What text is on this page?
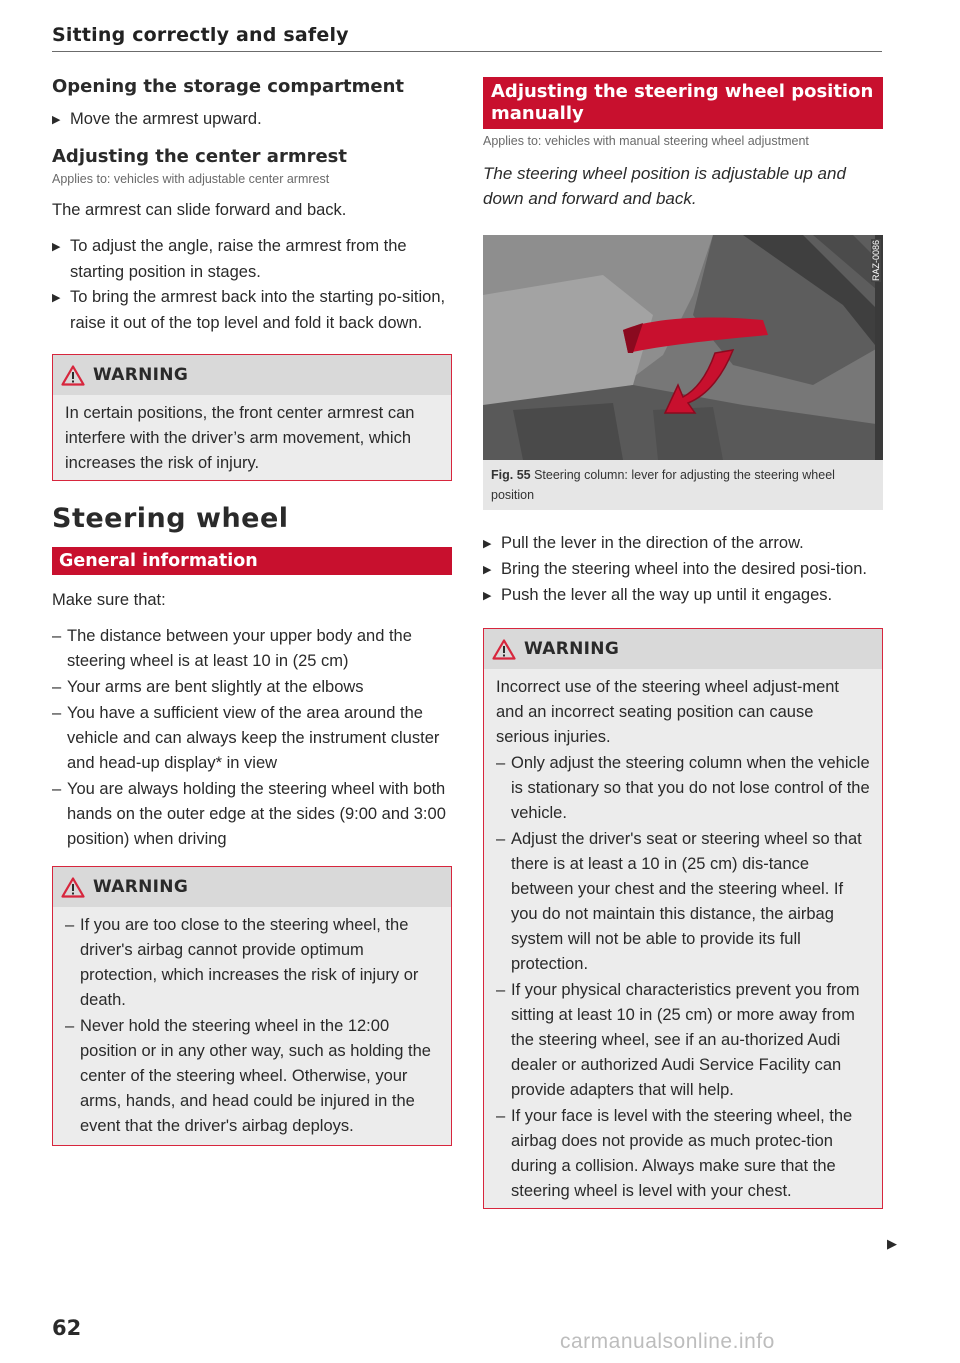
Sitting correctly and safely
Opening the storage compartment

▶ Move the armrest upward.

Adjusting the center armrest

Applies to: vehicles with adjustable center armrest

The armrest can slide forward and back.

▶ To adjust the angle, raise the armrest from the starting position in stages.

▶ To bring the armrest back into the starting po-sition, raise it out of the top level and fold it back down.

WARNING

In certain positions, the front center armrest can interfere with the driver’s arm movement, which increases the risk of injury.

Steering wheel
General information

Make sure that:

– The distance between your upper body and the steering wheel is at least 10 in (25 cm)

– Your arms are bent slightly at the elbows

– You have a sufficient view of the area around the vehicle and can always keep the instrument cluster and head-up display* in view

– You are always holding the steering wheel with both hands on the outer edge at the sides (9:00 and 3:00 position) when driving

WARNING

– If you are too close to the steering wheel, the driver's airbag cannot provide optimum protection, which increases the risk of injury or death.

– Never hold the steering wheel in the 12:00 position or in any other way, such as holding the center of the steering wheel. Otherwise, your arms, hands, and head could be injured in the event that the driver's airbag deploys.

Adjusting the steering wheel position
manually

Applies to: vehicles with manual steering wheel adjustment

The steering wheel position is adjustable up and down and forward and back.

RAZ-0086
Fig. 55 Steering column: lever for adjusting the steering wheel position

▶ Pull the lever in the direction of the arrow.

▶ Bring the steering wheel into the desired posi-tion.

▶ Push the lever all the way up until it engages.

WARNING

Incorrect use of the steering wheel adjust-ment and an incorrect seating position can cause serious injuries.

– Only adjust the steering column when the vehicle is stationary so that you do not lose control of the vehicle.

– Adjust the driver's seat or steering wheel so that there is at least a 10 in (25 cm) dis-tance between your chest and the steering wheel. If you do not maintain this distance, the airbag system will not be able to provide its full protection.

– If your physical characteristics prevent you from sitting at least 10 in (25 cm) or more away from the steering wheel, see if an au-thorized Audi dealer or authorized Audi Service Facility can provide adapters that will help.

– If your face is level with the steering wheel, the airbag does not provide as much protec-tion during a collision. Always make sure that the steering wheel is level with your chest.

▶
62
carmanualsonline.info
